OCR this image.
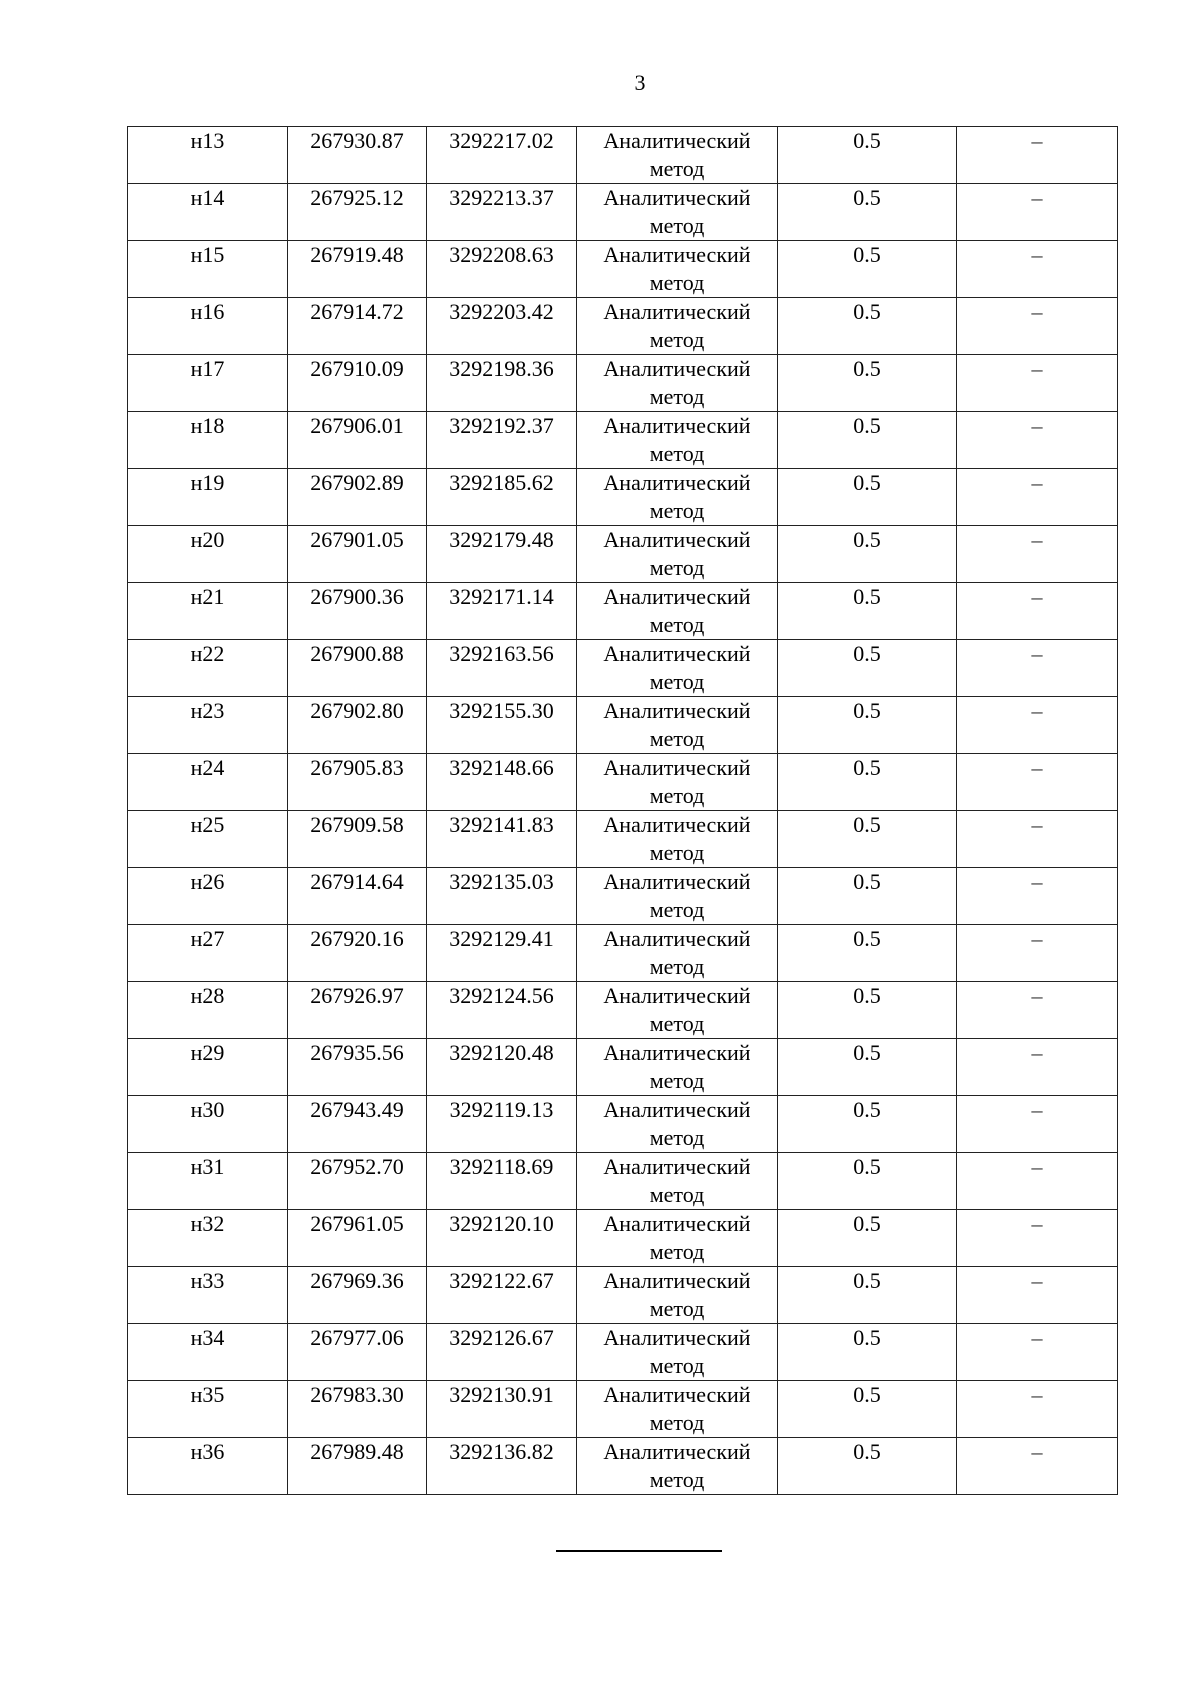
3
н13	267930.87	3292217.02	Аналитический метод	0.5	–
н14	267925.12	3292213.37	Аналитический метод	0.5	–
н15	267919.48	3292208.63	Аналитический метод	0.5	–
н16	267914.72	3292203.42	Аналитический метод	0.5	–
н17	267910.09	3292198.36	Аналитический метод	0.5	–
н18	267906.01	3292192.37	Аналитический метод	0.5	–
н19	267902.89	3292185.62	Аналитический метод	0.5	–
н20	267901.05	3292179.48	Аналитический метод	0.5	–
н21	267900.36	3292171.14	Аналитический метод	0.5	–
н22	267900.88	3292163.56	Аналитический метод	0.5	–
н23	267902.80	3292155.30	Аналитический метод	0.5	–
н24	267905.83	3292148.66	Аналитический метод	0.5	–
н25	267909.58	3292141.83	Аналитический метод	0.5	–
н26	267914.64	3292135.03	Аналитический метод	0.5	–
н27	267920.16	3292129.41	Аналитический метод	0.5	–
н28	267926.97	3292124.56	Аналитический метод	0.5	–
н29	267935.56	3292120.48	Аналитический метод	0.5	–
н30	267943.49	3292119.13	Аналитический метод	0.5	–
н31	267952.70	3292118.69	Аналитический метод	0.5	–
н32	267961.05	3292120.10	Аналитический метод	0.5	–
н33	267969.36	3292122.67	Аналитический метод	0.5	–
н34	267977.06	3292126.67	Аналитический метод	0.5	–
н35	267983.30	3292130.91	Аналитический метод	0.5	–
н36	267989.48	3292136.82	Аналитический метод	0.5	–
